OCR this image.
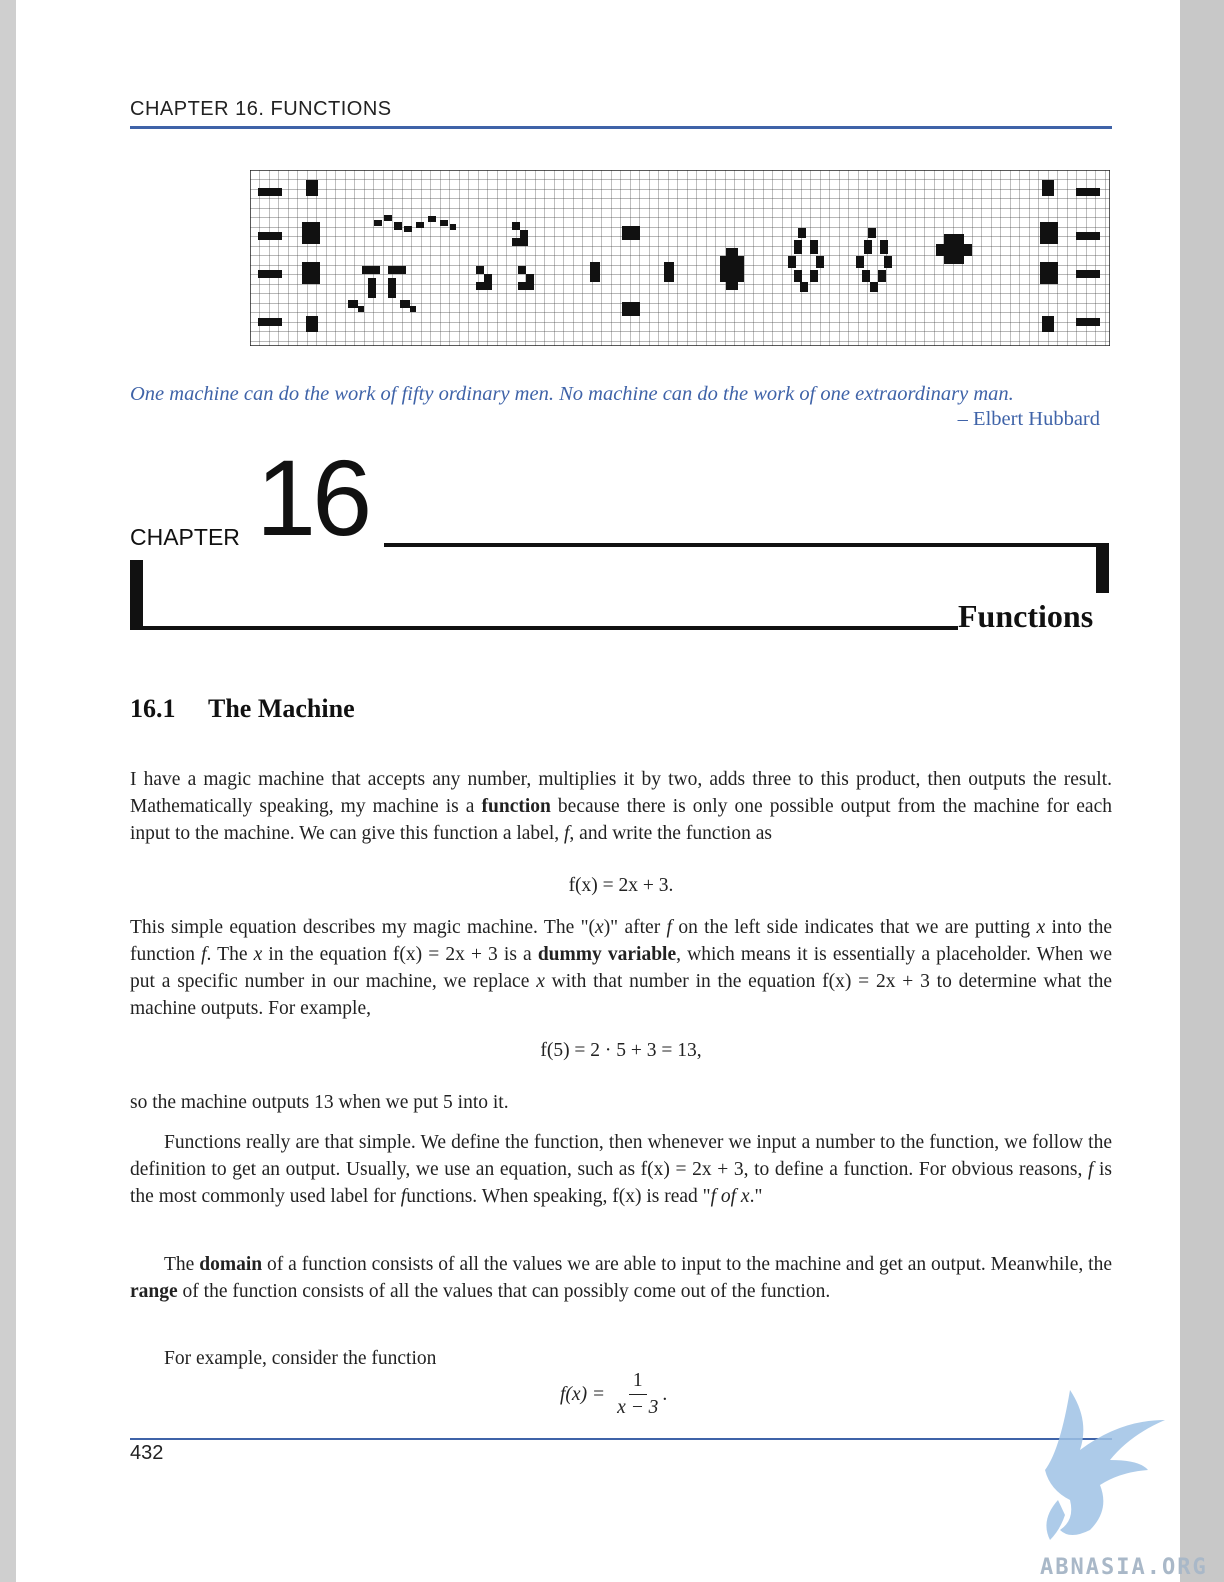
CHAPTER 16. FUNCTIONS
One machine can do the work of fifty ordinary men. No machine can do the work of one extraordinary man.
– Elbert Hubbard
CHAPTER 16
Functions
16.1 The Machine
I have a magic machine that accepts any number, multiplies it by two, adds three to this product, then outputs the result. Mathematically speaking, my machine is a function because there is only one possible output from the machine for each input to the machine. We can give this function a label, f, and write the function as
f(x) = 2x + 3.
This simple equation describes my magic machine. The "(x)" after f on the left side indicates that we are putting x into the function f. The x in the equation f(x) = 2x + 3 is a dummy variable, which means it is essentially a placeholder. When we put a specific number in our machine, we replace x with that number in the equation f(x) = 2x + 3 to determine what the machine outputs. For example,
f(5) = 2 · 5 + 3 = 13,
so the machine outputs 13 when we put 5 into it.
Functions really are that simple. We define the function, then whenever we input a number to the function, we follow the definition to get an output. Usually, we use an equation, such as f(x) = 2x + 3, to define a function. For obvious reasons, f is the most commonly used label for functions. When speaking, f(x) is read "f of x."
The domain of a function consists of all the values we are able to input to the machine and get an output. Meanwhile, the range of the function consists of all the values that can possibly come out of the function.
For example, consider the function
$f(x) = \frac{1}{x - 3}$ .
432
ABNASIA.ORG
